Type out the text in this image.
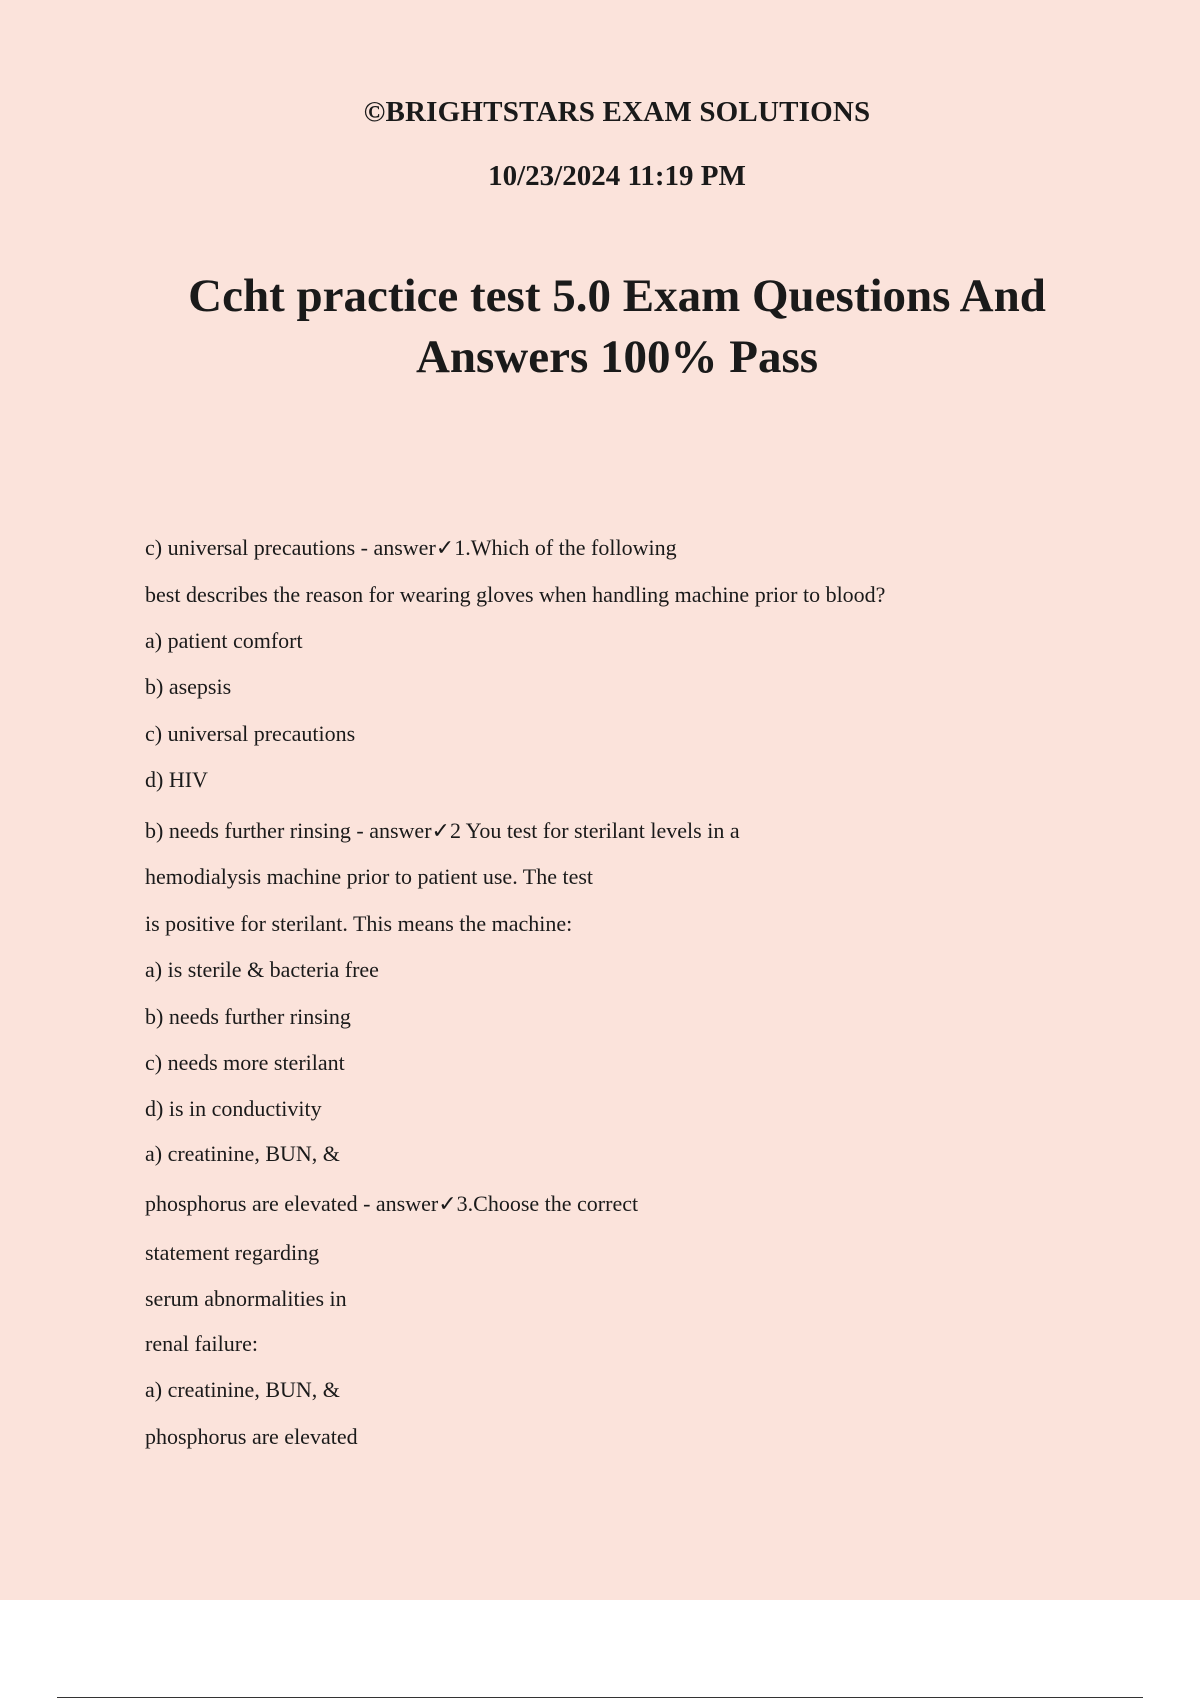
©BRIGHTSTARS EXAM SOLUTIONS
10/23/2024 11:19 PM
Ccht practice test 5.0 Exam Questions And
Answers 100% Pass
c) universal precautions - answer✓1.Which of the following
best describes the reason for wearing gloves when handling machine prior to blood?
a) patient comfort
b) asepsis
c) universal precautions
d) HIV
b) needs further rinsing - answer✓2 You test for sterilant levels in a
hemodialysis machine prior to patient use. The test
is positive for sterilant. This means the machine:
a) is sterile & bacteria free
b) needs further rinsing
c) needs more sterilant
d) is in conductivity
a) creatinine, BUN, &
phosphorus are elevated - answer✓3.Choose the correct
statement regarding
serum abnormalities in
renal failure:
a) creatinine, BUN, &
phosphorus are elevated
